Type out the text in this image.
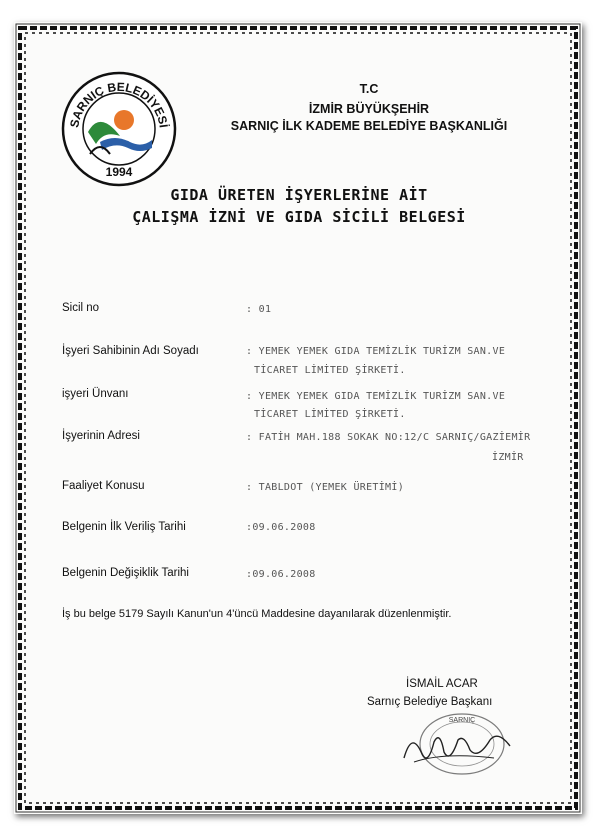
SARNIÇ BELEDİYESİ
1994
T.C
İZMİR BÜYÜKŞEHİR
SARNIÇ İLK KADEME BELEDİYE BAŞKANLIĞI
GIDA ÜRETEN İŞYERLERİNE AİT
ÇALIŞMA İZNİ VE GIDA SİCİLİ BELGESİ
Sicil no
İşyeri Sahibinin Adı Soyadı
işyeri Ünvanı
İşyerinin Adresi
Faaliyet Konusu
Belgenin İlk Veriliş Tarihi
Belgenin Değişiklik Tarihi
: 01
: YEMEK YEMEK GIDA TEMİZLİK TURİZM SAN.VE
TİCARET LİMİTED ŞİRKETİ.
: YEMEK YEMEK GIDA TEMİZLİK TURİZM SAN.VE
TİCARET LİMİTED ŞİRKETİ.
: FATİH MAH.188 SOKAK NO:12/C SARNIÇ/GAZİEMİR
İZMİR
: TABLDOT (YEMEK ÜRETİMİ)
:09.06.2008
:09.06.2008
İş bu belge 5179 Sayılı Kanun'un 4'üncü Maddesine dayanılarak düzenlenmiştir.
SARNIÇ
İSMAİL ACAR
Sarnıç Belediye Başkanı
